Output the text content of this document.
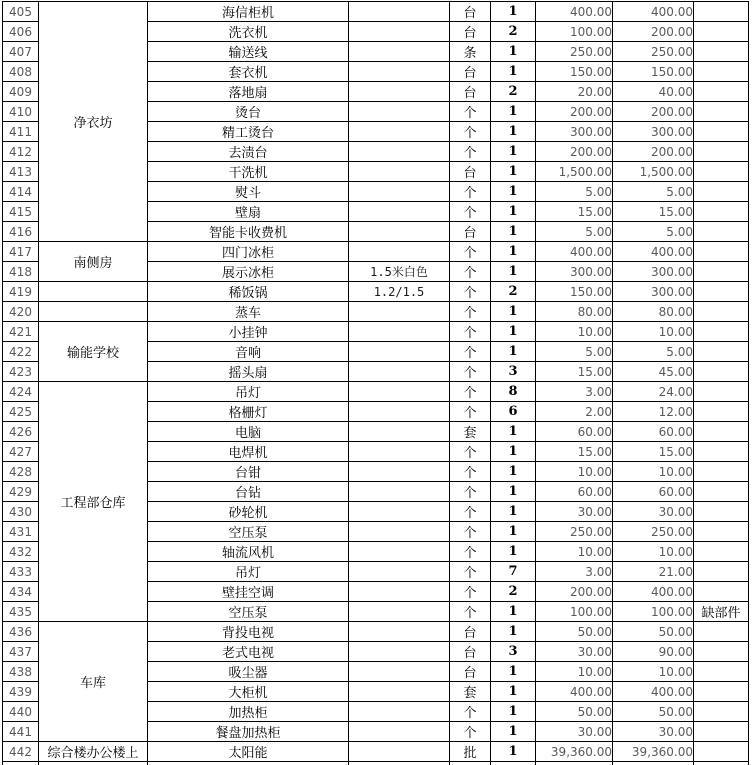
405	净衣坊	海信柜机		台	1	400.00	400.00	
406		洗衣机		台	2	100.00	200.00	
407		输送线		条	1	250.00	250.00	
408		套衣机		台	1	150.00	150.00	
409		落地扇		台	2	20.00	40.00	
410		烫台		个	1	200.00	200.00	
411		精工烫台		个	1	300.00	300.00	
412		去渍台		个	1	200.00	200.00	
413		干洗机		台	1	1,500.00	1,500.00	
414		熨斗		个	1	5.00	5.00	
415		壁扇		个	1	15.00	15.00	
416		智能卡收费机		台	1	5.00	5.00	
417	南侧房	四门冰柜		个	1	400.00	400.00	
418		展示冰柜	1.5米白色	个	1	300.00	300.00	
419		稀饭锅	1.2/1.5	个	2	150.00	300.00	
420		蒸车		个	1	80.00	80.00	
421	输能学校	小挂钟		个	1	10.00	10.00	
422		音响		个	1	5.00	5.00	
423		摇头扇		个	3	15.00	45.00	
424	工程部仓库	吊灯		个	8	3.00	24.00	
425		格栅灯		个	6	2.00	12.00	
426		电脑		套	1	60.00	60.00	
427		电焊机		个	1	15.00	15.00	
428		台钳		个	1	10.00	10.00	
429		台钻		个	1	60.00	60.00	
430		砂轮机		个	1	30.00	30.00	
431		空压泵		个	1	250.00	250.00	
432		轴流风机		个	1	10.00	10.00	
433		吊灯		个	7	3.00	21.00	
434		壁挂空调		个	2	200.00	400.00	
435		空压泵		个	1	100.00	100.00	缺部件
436	车库	背投电视		台	1	50.00	50.00	
437		老式电视		台	3	30.00	90.00	
438		吸尘器		台	1	10.00	10.00	
439		大柜机		套	1	400.00	400.00	
440		加热柜		个	1	50.00	50.00	
441		餐盘加热柜		个	1	30.00	30.00	
442	综合楼办公楼上	太阳能		批	1	39,360.00	39,360.00	
